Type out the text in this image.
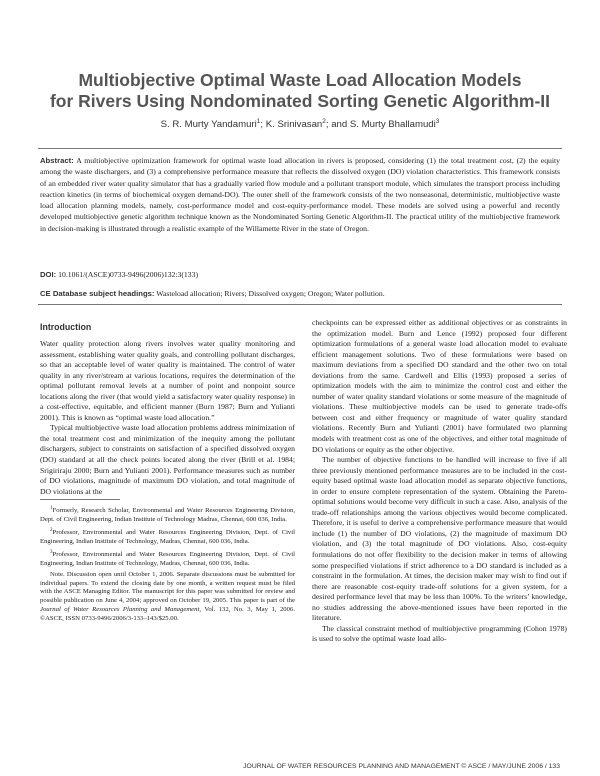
Multiobjective Optimal Waste Load Allocation Models
for Rivers Using Nondominated Sorting Genetic Algorithm-II
S. R. Murty Yandamuri$^1$; K. Srinivasan$^2$; and S. Murty Bhallamudi$^3$

Abstract: A multiobjective optimization framework for optimal waste load allocation in rivers is proposed, considering (1) the total treatment cost, (2) the equity among the waste dischargers, and (3) a comprehensive performance measure that reflects the dissolved oxygen (DO) violation characteristics. This framework consists of an embedded river water quality simulator that has a gradually varied flow module and a pollutant transport module, which simulates the transport process including reaction kinetics (in terms of biochemical oxygen demand-DO). The outer shell of the framework consists of the two nonseasonal, deterministic, multiobjective waste load allocation planning models, namely, cost-performance model and cost-equity-performance model. These models are solved using a powerful and recently developed multiobjective genetic algorithm technique known as the Nondominated Sorting Genetic Algorithm-II. The practical utility of the multiobjective framework in decision-making is illustrated through a realistic example of the Willamette River in the state of Oregon.

DOI: 10.1061/(ASCE)0733-9496(2006)132:3(133)
CE Database subject headings: Wasteload allocation; Rivers; Dissolved oxygen; Oregon; Water pollution.
Introduction

Water quality protection along rivers involves water quality monitoring and assessment, establishing water quality goals, and controlling pollutant discharges, so that an acceptable level of water quality is maintained. The control of water quality in any river/stream at various locations, requires the determination of the optimal pollutant removal levels at a number of point and nonpoint source locations along the river (that would yield a satisfactory water quality response) in a cost-effective, equitable, and efficient manner (Burn 1987; Burn and Yulianti 2001). This is known as “optimal waste load allocation.”

Typical multiobjective waste load allocation problems address minimization of the total treatment cost and minimization of the inequity among the pollutant dischargers, subject to constraints on satisfaction of a specified dissolved oxygen (DO) standard at all the check points located along the river (Brill et al. 1984; Srigiriraju 2000; Burn and Yulianti 2001). Performance measures such as number of DO violations, magnitude of maximum DO violation, and total magnitude of DO violations at the

$^1$Formerly, Research Scholar, Environmental and Water Resources Engineering Division, Dept. of Civil Engineering, Indian Institute of Technology Madras, Chennai, 600 036, India.

$^2$Professor, Environmental and Water Resources Engineering Division, Dept. of Civil Engineering, Indian Institute of Technology, Madras, Chennai, 600 036, India.

$^3$Professor, Environmental and Water Resources Engineering Division, Dept. of Civil Engineering, Indian Institute of Technology, Madras, Chennai, 600 036, India.

Note. Discussion open until October 1, 2006. Separate discussions must be submitted for individual papers. To extend the closing date by one month, a written request must be filed with the ASCE Managing Editor. The manuscript for this paper was submitted for review and possible publication on June 4, 2004; approved on October 19, 2005. This paper is part of the Journal of Water Resources Planning and Management, Vol. 132, No. 3, May 1, 2006. ©ASCE, ISSN 0733-9496/2006/3-133–143/$25.00.

checkpoints can be expressed either as additional objectives or as constraints in the optimization model. Burn and Lence (1992) proposed four different optimization formulations of a general waste load allocation model to evaluate efficient management solutions. Two of these formulations were based on maximum deviations from a specified DO standard and the other two on total deviations from the same. Cardwell and Ellis (1993) proposed a series of optimization models with the aim to minimize the control cost and either the number of water quality standard violations or some measure of the magnitude of violations. These multiobjective models can be used to generate trade-offs between cost and either frequency or magnitude of water quality standard violations. Recently Burn and Yulianti (2001) have formulated two planning models with treatment cost as one of the objectives, and either total magnitude of DO violations or equity as the other objective.

The number of objective functions to be handled will increase to five if all three previously mentioned performance measures are to be included in the cost-equity based optimal waste load allocation model as separate objective functions, in order to ensure complete representation of the system. Obtaining the Pareto-optimal solutions would become very difficult in such a case. Also, analysis of the trade-off relationships among the various objectives would become complicated. Therefore, it is useful to derive a comprehensive performance measure that would include (1) the number of DO violations, (2) the magnitude of maximum DO violation, and (3) the total magnitude of DO violations. Also, cost-equity formulations do not offer flexibility to the decision maker in terms of allowing some prespecified violations if strict adherence to a DO standard is included as a constraint in the formulation. At times, the decision maker may wish to find out if there are reasonable cost-equity trade-off solutions for a given system, for a desired performance level that may be less than 100%. To the writers’ knowledge, no studies addressing the above-mentioned issues have been reported in the literature.

The classical constraint method of multiobjective programming (Cohon 1978) is used to solve the optimal waste load allo-

JOURNAL OF WATER RESOURCES PLANNING AND MANAGEMENT © ASCE / MAY/JUNE 2006 / 133
